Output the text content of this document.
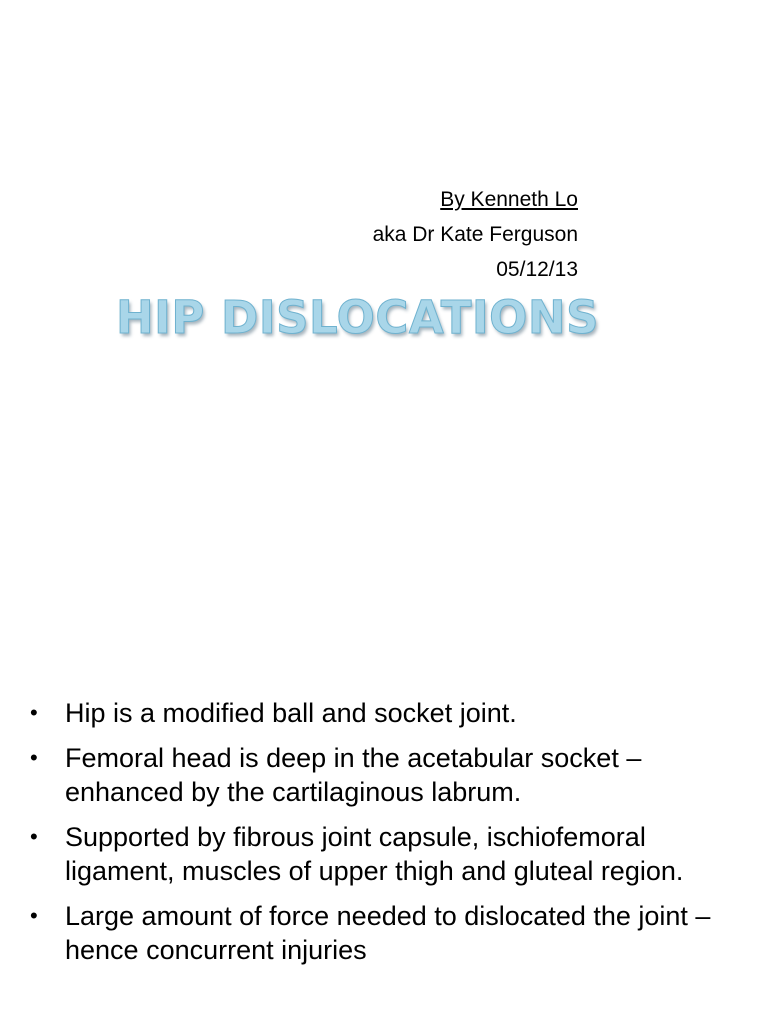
By Kenneth Lo
aka Dr Kate Ferguson
05/12/13
HIP DISLOCATIONS
• Hip is a modified ball and socket joint.
• Femoral head is deep in the acetabular socket – enhanced by the cartilaginous labrum.
• Supported by fibrous joint capsule, ischiofemoral ligament, muscles of upper thigh and gluteal region.
• Large amount of force needed to dislocated the joint – hence concurrent injuries
